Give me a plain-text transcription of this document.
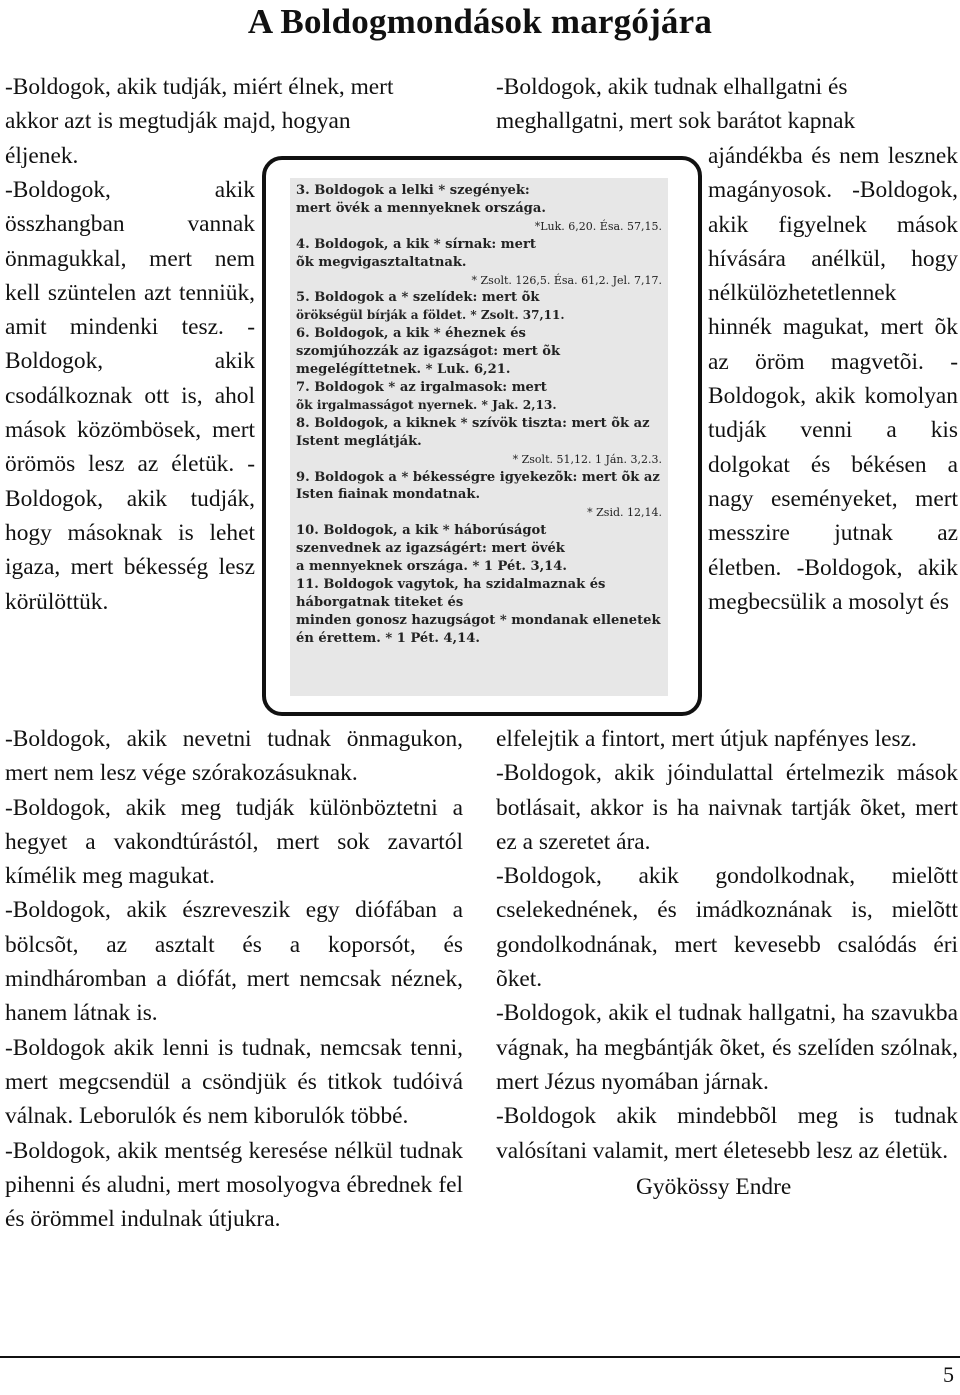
A Boldogmondások margójára

-Boldogok, akik tudják, miért élnek, mert

akkor azt is megtudják majd, hogyan

éljenek.

-Boldogok, akik összhangban vannak önmagukkal, mert nem kell szüntelen azt tenniük, amit mindenki tesz. -Boldogok, akik csodálkoznak ott is, ahol mások közömbösek, mert örömös lesz az életük. -Boldogok, akik tudják, hogy másoknak is lehet igaza, mert békesség lesz körülöttük.

3. Boldogok a lelki * szegények:
mert övék a mennyeknek országa.
*Luk. 6,20. Ésa. 57,15.
4. Boldogok, a kik * sírnak: mert
õk megvigasztaltatnak.
* Zsolt. 126,5. Ésa. 61,2. Jel. 7,17.
5. Boldogok a * szelídek: mert õk
örökségül bírják a földet. * Zsolt. 37,11.
6. Boldogok, a kik * éheznek és
szomjúhozzák az igazságot: mert õk
megelégíttetnek. * Luk. 6,21.
7. Boldogok * az irgalmasok: mert
õk irgalmasságot nyernek. * Jak. 2,13.
8. Boldogok, a kiknek * szívök tiszta: mert õk az Istent meglátják.
* Zsolt. 51,12. 1 Ján. 3,2.3.
9. Boldogok a * békességre igyekezõk: mert õk az Isten fiainak mondatnak.
* Zsid. 12,14.
10. Boldogok, a kik * háborúságot
szenvednek az igazságért: mert övék
a mennyeknek országa. * 1 Pét. 3,14.
11. Boldogok vagytok, ha szidalmaznak és háborgatnak titeket és
minden gonosz hazugságot * mondanak ellenetek én érettem. * 1 Pét. 4,14.

-Boldogok, akik nevetni tudnak önmagukon, mert nem lesz vége szórakozásuknak.

-Boldogok, akik meg tudják különböztetni a hegyet a vakondtúrástól, mert sok zavartól kímélik meg magukat.

-Boldogok, akik észreveszik egy diófában a bölcsõt, az asztalt és a koporsót, és mindháromban a diófát, mert nemcsak néznek, hanem látnak is.

-Boldogok akik lenni is tudnak, nemcsak tenni, mert megcsendül a csöndjük és titkok tudóivá válnak. Leborulók és nem kiborulók többé.

-Boldogok, akik mentség keresése nélkül tudnak pihenni és aludni, mert mosolyogva ébrednek fel és örömmel indulnak útjukra.

-Boldogok, akik tudnak elhallgatni és

meghallgatni, mert sok barátot kapnak

ajándékba és nem lesznek magányosok. -Boldogok, akik figyelnek mások hívására anélkül, hogy nélkülözhetetlennek hinnék magukat, mert õk az öröm magvetõi. -Boldogok, akik komolyan tudják venni a kis dolgokat és békésen a nagy eseményeket, mert messzire jutnak az életben. -Boldogok, akik megbecsülik a mosolyt és

elfelejtik a fintort, mert útjuk napfényes lesz.

-Boldogok, akik jóindulattal értelmezik mások botlásait, akkor is ha naivnak tartják õket, mert ez a szeretet ára.

-Boldogok, akik gondolkodnak, mielõtt cselekednének, és imádkoznának is, mielõtt gondolkodnának, mert kevesebb csalódás éri õket.

-Boldogok, akik el tudnak hallgatni, ha szavukba vágnak, ha megbántják õket, és szelíden szólnak, mert Jézus nyomában járnak.

-Boldogok akik mindebbõl meg is tudnak valósítani valamit, mert életesebb lesz az életük.

Gyökössy Endre

5
